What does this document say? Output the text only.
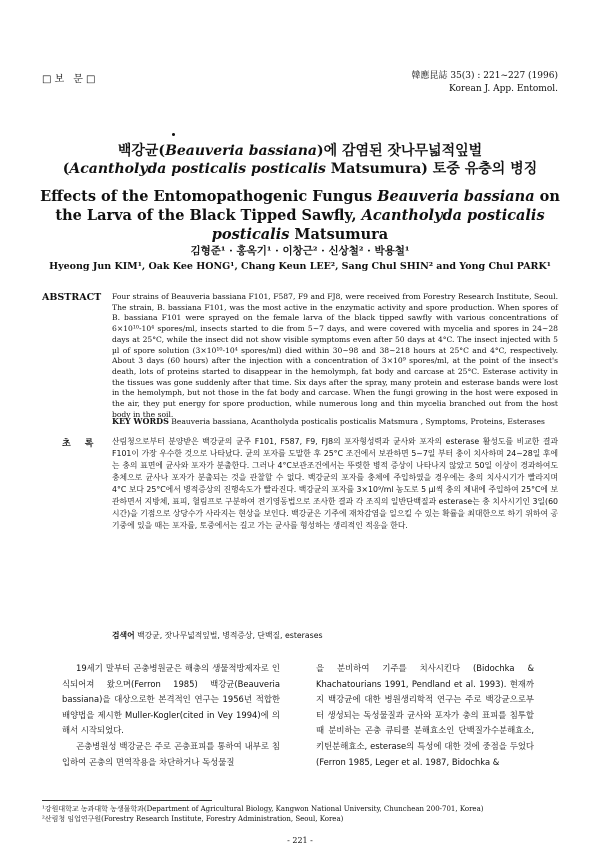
□보 문□	韓應昆誌 35(3) : 221~227 (1996)
Korean J. App. Entomol.
백강균(Beauveria bassiana)에 감염된 잣나무넓적잎벌
(Acantholyda posticalis posticalis Matsumura) 토중 유충의 병징
Effects of the Entomopathogenic Fungus Beauveria bassiana on the Larva of the Black Tipped Sawfly, Acantholyda posticalis posticalis Matsumura
김형준¹ · 홍옥기¹ · 이창근² · 신상철² · 박용철¹
Hyeong Jun KIM¹, Oak Kee HONG¹, Chang Keun LEE², Sang Chul SHIN² and Yong Chul PARK¹
ABSTRACT Four strains of Beauveria bassiana F101, F587, F9 and FJ8, were received from Forestry Research Institute, Seoul. The strain, B. bassiana F101, was the most active in the enzymatic activity and spore production. When spores of B. bassiana F101 were sprayed on the female larva of the black tipped sawfly with various concentrations of 6×10¹⁰-10⁴ spores/ml, insects started to die from 5~7 days, and were covered with mycelia and spores in 24~28 days at 25°C, while the insect did not show visible symptoms even after 50 days at 4°C. The insect injected with 5 µl of spore solution (3×10¹⁰-10⁴ spores/ml) died within 30~98 and 38~218 hours at 25°C and 4°C, respectively. About 3 days (60 hours) after the injection with a concentration of 3×10⁹ spores/ml, at the point of the insect's death, lots of proteins started to disappear in the hemolymph, fat body and carcase at 25°C. Esterase activity in the tissues was gone suddenly after that time. Six days after the spray, many protein and esterase bands were lost in the hemolymph, but not those in the fat body and carcase. When the fungi growing in the host were exposed in the air, they put energy for spore production, while numerous long and thin mycelia branched out from the host body in the soil.
KEY WORDS Beauveria bassiana, Acantholyda posticalis posticalis Matsmura , Symptoms, Proteins, Esterases
초록 산림청으로부터 분양받은 백강균의 균주 F101, F587, F9, FJ8의 포자형성력과 균사와 포자의 esterase 활성도를 비교한 결과 F101이 가장 우수한 것으로 나타났다. 균의 포자를 도말한 후 25°C 조건에서 보관하면 5~7일 부터 충이 치사하며 24~28일 후에는 충의 표면에 균사와 포자가 분출한다. 그러나 4°C보관조건에서는 뚜렷한 병적 증상이 나타나지 않았고 50일 이상이 경과하여도 충체으로 균사나 포자가 분출되는 것을 관찰할 수 없다. 백강균의 포자를 충체에 주입하였을 경우에는 충의 치사시기가 빨라지며 4°C 보다 25°C에서 병적증상의 진행속도가 빨라진다. 백강균의 포자를 3×10⁹/ml 농도로 5 µl씩 충의 체내에 주입하여 25°C에 보관하면서 지방체, 표피, 혈림프로 구분하여 전기영동법으로 조사한 결과 각 조직의 일반단백질과 esterase는 충 치사시기인 3일(60시간)을 기점으로 상당수가 사라지는 현상을 보인다. 백강균은 기주에 재차감염을 일으킬 수 있는 확률을 최대한으로 하기 위하여 공기중에 있을 때는 포자를, 토중에서는 길고 가는 균사를 형성하는 생리적인 적응을 한다.
검색어 백강균, 잣나무넓적잎벌, 병적증상, 단백질, esterases

19세기 말부터 곤충병원균은 해충의 생물적방제자로 인식되어져 왔으며(Ferron 1985) 백강균(Beauveria bassiana)을 대상으로한 본격적인 연구는 1956년 적합한 배양법을 제시한 Muller-Kogler(cited in Vey 1994)에 의해서 시작되었다.

곤충병원성 백강균은 주로 곤충표피를 통하여 내부로 침입하여 곤충의 면역작용을 차단하거나 독성물질

을 분비하여 기주를 치사시킨다 (Bidochka & Khachatourians 1991, Pendland et al. 1993). 현재까지 백강균에 대한 병원생리학적 연구는 주로 백강균으로부터 생성되는 독성물질과 균사와 포자가 충의 표피를 침투할 때 분비하는 곤충 큐티클 분해효소인 단백질가수분해효소, 키틴분해효소, esterase의 특성에 대한 것에 중점을 두었다 (Ferron 1985, Leger et al. 1987, Bidochka &

¹강원대학교 농과대학 농생물학과(Department of Agricultural Biology, Kangwon National University, Chunchean 200-701, Korea)
²산림청 임업연구원(Forestry Research Institute, Forestry Administration, Seoul, Korea)
- 221 -
